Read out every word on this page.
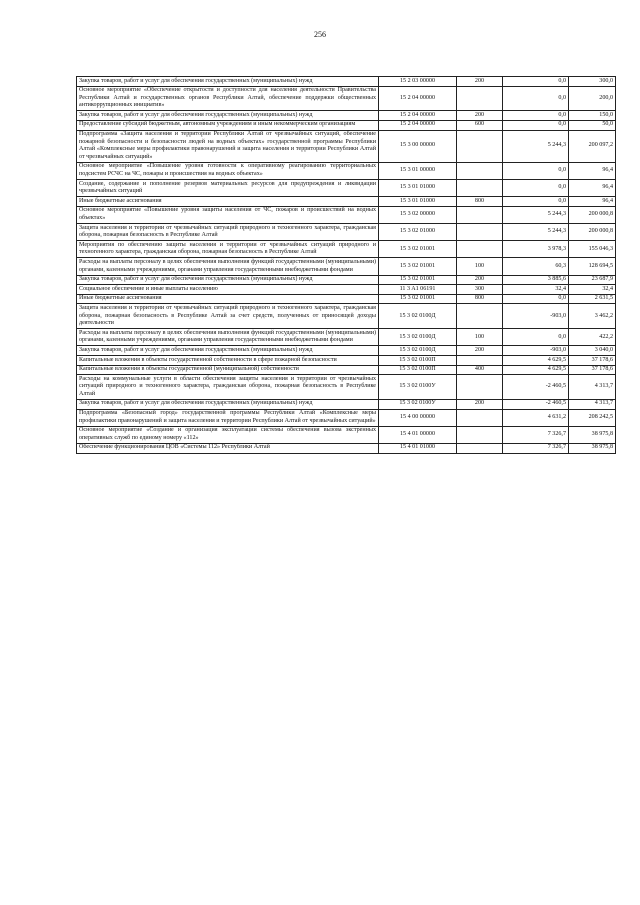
256
Закупка товаров, работ и услуг для обеспечения государственных (муниципальных) нужд	15 2 03 00000	200	0,0	300,0
Основное мероприятие «Обеспечение открытости и доступности для населения деятельности Правительства Республики Алтай и государственных органов Республики Алтай, обеспечение поддержки общественных антикоррупционных инициатив»	15 2 04 00000		0,0	200,0
Закупка товаров, работ и услуг для обеспечения государственных (муниципальных) нужд	15 2 04 00000	200	0,0	150,0
Предоставление субсидий бюджетным, автономным учреждениям и иным некоммерческим организациям	15 2 04 00000	600	0,0	50,0
Подпрограмма «Защита населения и территории Республики Алтай от чрезвычайных ситуаций, обеспечение пожарной безопасности и безопасности людей на водных объектах» государственной программы Республики Алтай «Комплексные меры профилактики правонарушений и защита населения и территории Республики Алтай от чрезвычайных ситуаций»	15 3 00 00000		5 244,3	200 097,2
Основное мероприятие «Повышение уровня готовности к оперативному реагированию территориальных подсистем РСЧС на ЧС, пожары и происшествия на водных объектах»	15 3 01 00000		0,0	96,4
Создание, содержание и пополнение резервов материальных ресурсов для предупреждения и ликвидации чрезвычайных ситуаций	15 3 01 01000		0,0	96,4
Иные бюджетные ассигнования	15 3 01 01000	800	0,0	96,4
Основное мероприятие «Повышение уровня защиты населения от ЧС, пожаров и происшествий на водных объектах»	15 3 02 00000		5 244,3	200 000,8
Защита населения и территории от чрезвычайных ситуаций природного и техногенного характера, гражданская оборона, пожарная безопасность в Республике Алтай	15 3 02 01000		5 244,3	200 000,8
Мероприятия по обеспечению защиты населения и территории от чрезвычайных ситуаций природного и техногенного характера, гражданская оборона, пожарная безопасность в Республике Алтай	15 3 02 01001		3 978,3	155 046,3
Расходы на выплаты персоналу в целях обеспечения выполнения функций государственными (муниципальными) органами, казенными учреждениями, органами управления государственными внебюджетными фондами	15 3 02 01001	100	60,3	128 694,5
Закупка товаров, работ и услуг для обеспечения государственных (муниципальных) нужд	15 3 02 01001	200	3 885,6	23 687,9
Социальное обеспечение и иные выплаты населению	11 3 A1 06191	300	32,4	32,4
Иные бюджетные ассигнования	15 3 02 01001	800	0,0	2 631,5
Защита населения и территории от чрезвычайных ситуаций природного и техногенного характера, гражданская оборона, пожарная безопасность в Республике Алтай за счет средств, полученных от приносящей доходы деятельности	15 3 02 0100Д		-903,0	3 462,2
Расходы на выплаты персоналу в целях обеспечения выполнения функций государственными (муниципальными) органами, казенными учреждениями, органами управления государственными внебюджетными фондами	15 3 02 0100Д	100	0,0	422,2
Закупка товаров, работ и услуг для обеспечения государственных (муниципальных) нужд	15 3 02 0100Д	200	-903,0	3 040,0
Капитальные вложения в объекты государственной собственности в сфере пожарной безопасности	15 3 02 0100П		4 629,5	37 178,6
Капитальные вложения в объекты государственной (муниципальной) собственности	15 3 02 0100П	400	4 629,5	37 178,6
Расходы на коммунальные услуги в области обеспечения защиты населения и территории от чрезвычайных ситуаций природного и техногенного характера, гражданская оборона, пожарная безопасность в Республике Алтай	15 3 02 0100У		-2 460,5	4 313,7
Закупка товаров, работ и услуг для обеспечения государственных (муниципальных) нужд	15 3 02 0100У	200	-2 460,5	4 313,7
Подпрограмма «Безопасный город» государственной программы Республики Алтай «Комплексные меры профилактики правонарушений и защита населения и территории Республики Алтай от чрезвычайных ситуаций»	15 4 00 00000		4 631,2	208 242,5
Основное мероприятие «Создание и организация эксплуатации системы обеспечения вызова экстренных оперативных служб по единому номеру «112»	15 4 01 00000		7 326,7	38 975,8
Обеспечение функционирования ЦОВ «Системы 112» Республики Алтай	15 4 01 01000		7 326,7	38 975,8
